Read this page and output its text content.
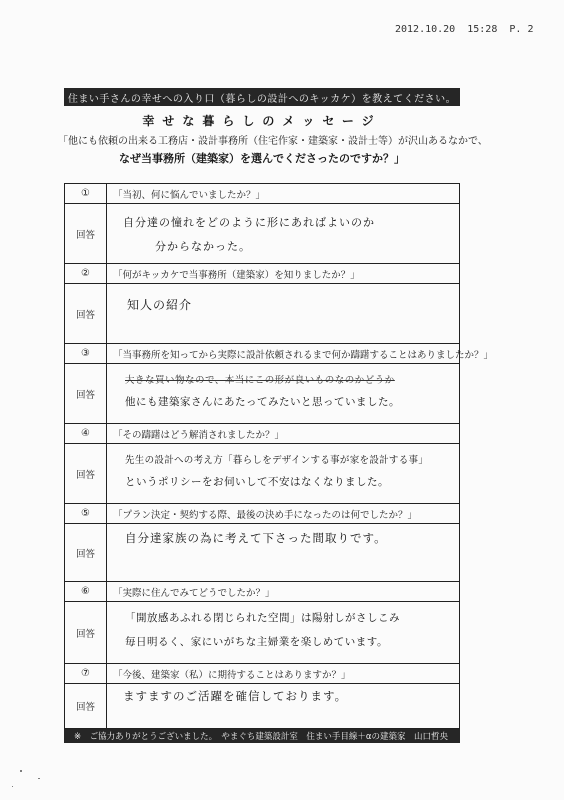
2012.10.20  15:28  P. 2
住まい手さんの幸せへの入り口（暮らしの設計へのキッカケ）を教えてください。
幸せな暮らしのメッセージ
「他にも依頼の出来る工務店・設計事務所（住宅作家・建築家・設計士等）が沢山あるなかで、
なぜ当事務所（建築家）を選んでくださったのですか？」
①	「当初、何に悩んでいましたか？」
回答
自分達の憧れをどのように形にあればよいのか
分からなかった。
②	「何がキッカケで当事務所（建築家）を知りましたか？」
回答
知人の紹介
③	「当事務所を知ってから実際に設計依頼されるまで何か躊躇することはありましたか？」
回答
大きな買い物なので、本当にこの形が良いものなのかどうか
他にも建築家さんにあたってみたいと思っていました。
④	「その躊躇はどう解消されましたか？」
回答
先生の設計への考え方「暮らしをデザインする事が家を設計する事」
というポリシーをお伺いして不安はなくなりました。
⑤	「プラン決定・契約する際、最後の決め手になったのは何でしたか？」
回答
自分達家族の為に考えて下さった間取りです。
⑥	「実際に住んでみてどうでしたか？」
回答
「開放感あふれる閉じられた空間」は陽射しがさしこみ
毎日明るく、家にいがちな主婦業を楽しめています。
⑦	「今後、建築家（私）に期待することはありますか？」
回答
ますますのご活躍を確信しております。
※　ご協力ありがとうございました。　やまぐち建築設計室　住まい手目線＋αの建築家　山口哲央
